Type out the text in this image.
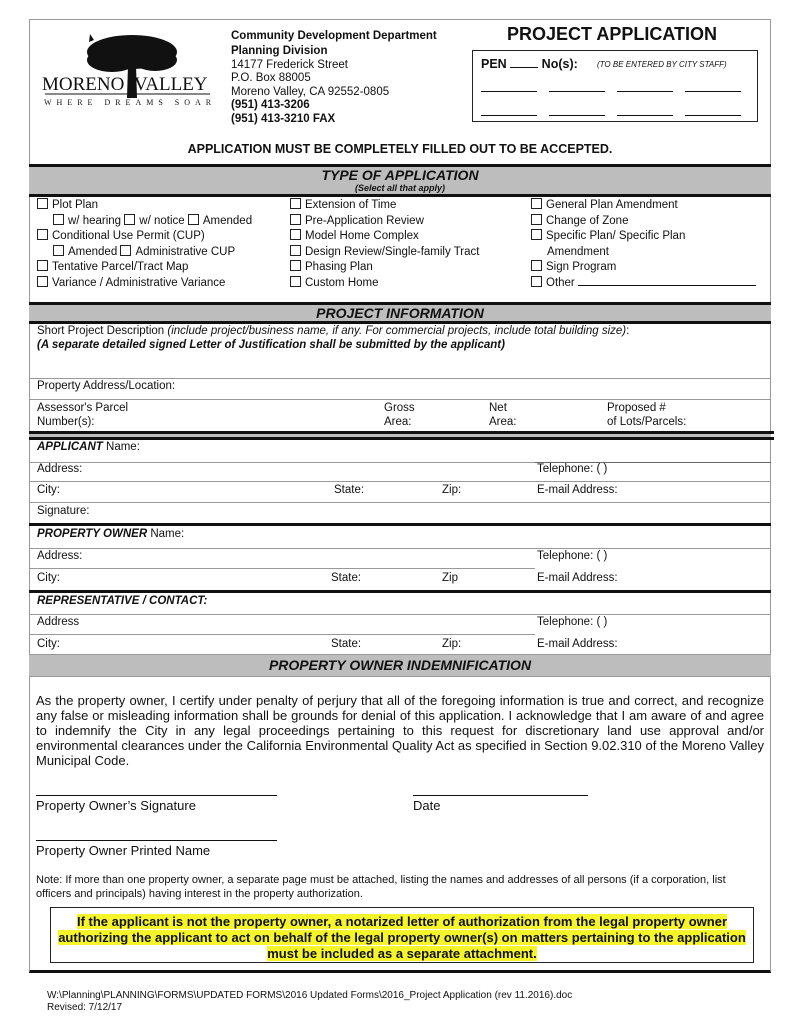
MORENO VALLEY
WHERE DREAMS SOAR
Community Development Department
Planning Division
14177 Frederick Street
P.O. Box 88005
Moreno Valley, CA 92552-0805
(951) 413-3206
(951) 413-3210 FAX
PROJECT APPLICATION
PEN	No(s): (TO BE ENTERED BY CITY STAFF)
APPLICATION MUST BE COMPLETELY FILLED OUT TO BE ACCEPTED.
TYPE OF APPLICATION
(Select all that apply)
Plot Plan
w/ hearing w/ notice Amended
Conditional Use Permit (CUP)
Amended Administrative CUP
Tentative Parcel/Tract Map
Variance / Administrative Variance
Extension of Time
Pre-Application Review
Model Home Complex
Design Review/Single-family Tract
Phasing Plan
Custom Home
General Plan Amendment
Change of Zone
Specific Plan/ Specific Plan
Amendment
Sign Program
Other
PROJECT INFORMATION
Short Project Description (include project/business name, if any. For commercial projects, include total building size):
(A separate detailed signed Letter of Justification shall be submitted by the applicant)
Property Address/Location:
Assessor's Parcel
Number(s):
Gross
Area:
Net
Area:
Proposed #
of Lots/Parcels:
APPLICANT Name:
Address:	Telephone: ( )
City:	State:	Zip:	E-mail Address:
Signature:
PROPERTY OWNER Name:
Address:	Telephone: ( )
City:	State:	Zip	E-mail Address:
REPRESENTATIVE / CONTACT:
Address	Telephone: ( )
City:	State:	Zip:	E-mail Address:
PROPERTY OWNER INDEMNIFICATION
As the property owner, I certify under penalty of perjury that all of the foregoing information is true and correct, and recognize any false or misleading information shall be grounds for denial of this application. I acknowledge that I am aware of and agree to indemnify the City in any legal proceedings pertaining to this request for discretionary land use approval and/or environmental clearances under the California Environmental Quality Act as specified in Section 9.02.310 of the Moreno Valley Municipal Code.
Property Owner’s Signature	Date
Property Owner Printed Name
Note: If more than one property owner, a separate page must be attached, listing the names and addresses of all persons (if a corporation, list officers and principals) having interest in the property authorization.
If the applicant is not the property owner, a notarized letter of authorization from the legal property owner authorizing the applicant to act on behalf of the legal property owner(s) on matters pertaining to the application must be included as a separate attachment.
W:\Planning\PLANNING\FORMS\UPDATED FORMS\2016 Updated Forms\2016_Project Application (rev 11.2016).doc
Revised: 7/12/17
